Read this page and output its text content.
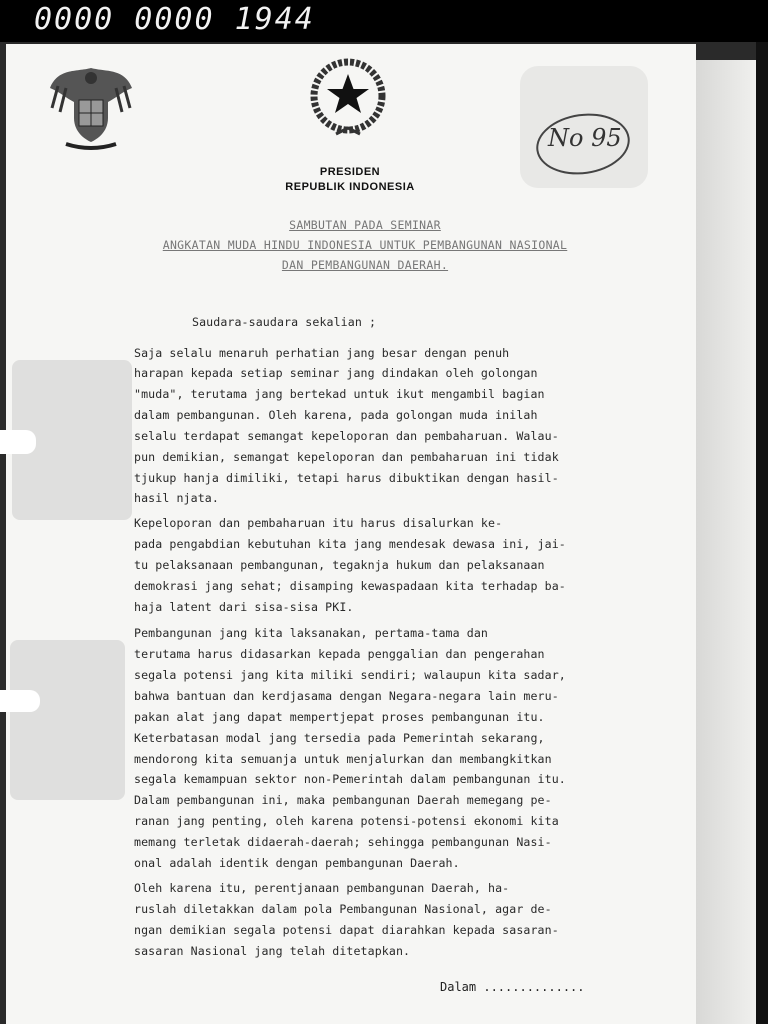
0000 0000 1944
No 95
PRESIDEN
REPUBLIK INDONESIA
SAMBUTAN PADA SEMINAR
ANGKATAN MUDA HINDU INDONESIA UNTUK PEMBANGUNAN NASIONAL
DAN PEMBANGUNAN DAERAH.
Saudara-saudara sekalian ;
Saja selalu menaruh perhatian jang besar dengan penuh
harapan kepada setiap seminar jang dindakan oleh golongan
"muda", terutama jang bertekad untuk ikut mengambil bagian
dalam pembangunan. Oleh karena, pada golongan muda inilah
selalu terdapat semangat kepeloporan dan pembaharuan. Walau-
pun demikian, semangat kepeloporan dan pembaharuan ini tidak
tjukup hanja dimiliki, tetapi harus dibuktikan dengan hasil-
hasil njata.
Kepeloporan dan pembaharuan itu harus disalurkan ke-
pada pengabdian kebutuhan kita jang mendesak dewasa ini, jai-
tu pelaksanaan pembangunan, tegaknja hukum dan pelaksanaan
demokrasi jang sehat; disamping kewaspadaan kita terhadap ba-
haja latent dari sisa-sisa PKI.
Pembangunan jang kita laksanakan, pertama-tama dan
terutama harus didasarkan kepada penggalian dan pengerahan
segala potensi jang kita miliki sendiri; walaupun kita sadar,
bahwa bantuan dan kerdjasama dengan Negara-negara lain meru-
pakan alat jang dapat mempertjepat proses pembangunan itu.
Keterbatasan modal jang tersedia pada Pemerintah sekarang,
mendorong kita semuanja untuk menjalurkan dan membangkitkan
segala kemampuan sektor non-Pemerintah dalam pembangunan itu.
Dalam pembangunan ini, maka pembangunan Daerah memegang pe-
ranan jang penting, oleh karena potensi-potensi ekonomi kita
memang terletak didaerah-daerah; sehingga pembangunan Nasi-
onal adalah identik dengan pembangunan Daerah.
Oleh karena itu, perentjanaan pembangunan Daerah, ha-
ruslah diletakkan dalam pola Pembangunan Nasional, agar de-
ngan demikian segala potensi dapat diarahkan kepada sasaran-
sasaran Nasional jang telah ditetapkan.
Dalam ..............
